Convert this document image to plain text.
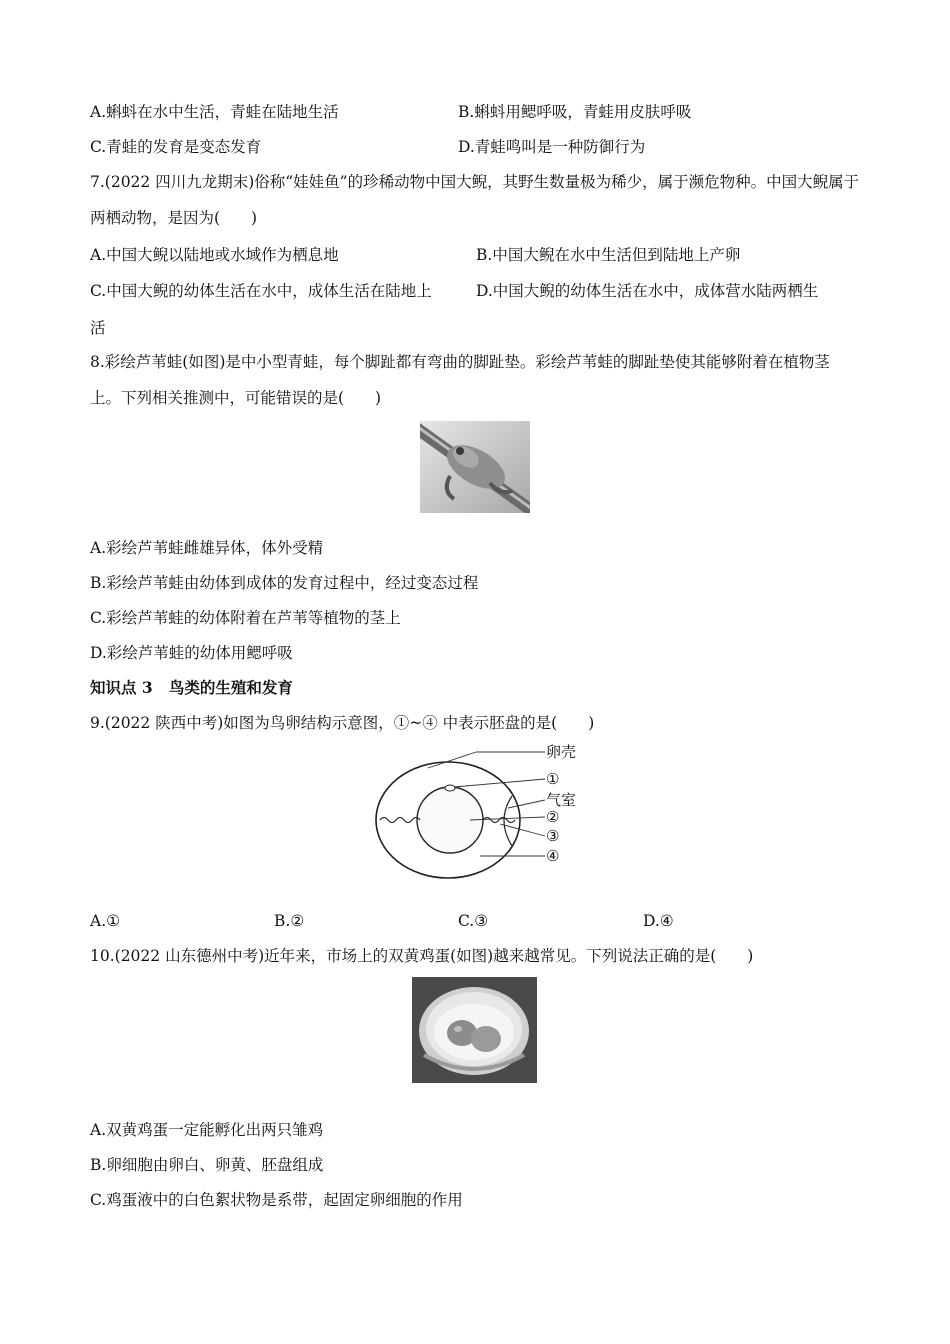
A.蝌蚪在水中生活，青蛙在陆地生活	B.蝌蚪用鳃呼吸，青蛙用皮肤呼吸
C.青蛙的发育是变态发育	D.青蛙鸣叫是一种防御行为
7.(2022 四川九龙期末)俗称“娃娃鱼”的珍稀动物中国大鲵，其野生数量极为稀少，属于濒危物种。中国大鲵属于两栖动物，是因为(　　)
A.中国大鲵以陆地或水域作为栖息地	B.中国大鲵在水中生活但到陆地上产卵
C.中国大鲵的幼体生活在水中，成体生活在陆地上	D.中国大鲵的幼体生活在水中，成体营水陆两栖生
活
8.彩绘芦苇蛙(如图)是中小型青蛙，每个脚趾都有弯曲的脚趾垫。彩绘芦苇蛙的脚趾垫使其能够附着在植物茎上。下列相关推测中，可能错误的是(　　)
A.彩绘芦苇蛙雌雄异体，体外受精
B.彩绘芦苇蛙由幼体到成体的发育过程中，经过变态过程
C.彩绘芦苇蛙的幼体附着在芦苇等植物的茎上
D.彩绘芦苇蛙的幼体用鳃呼吸
知识点 3 鸟类的生殖和发育
9.(2022 陕西中考)如图为鸟卵结构示意图，①~④ 中表示胚盘的是(　　)
卵壳
①
气室
②
③
④
A.①	B.②	C.③	D.④
10.(2022 山东德州中考)近年来，市场上的双黄鸡蛋(如图)越来越常见。下列说法正确的是(　　)
A.双黄鸡蛋一定能孵化出两只雏鸡
B.卵细胞由卵白、卵黄、胚盘组成
C.鸡蛋液中的白色絮状物是系带，起固定卵细胞的作用
